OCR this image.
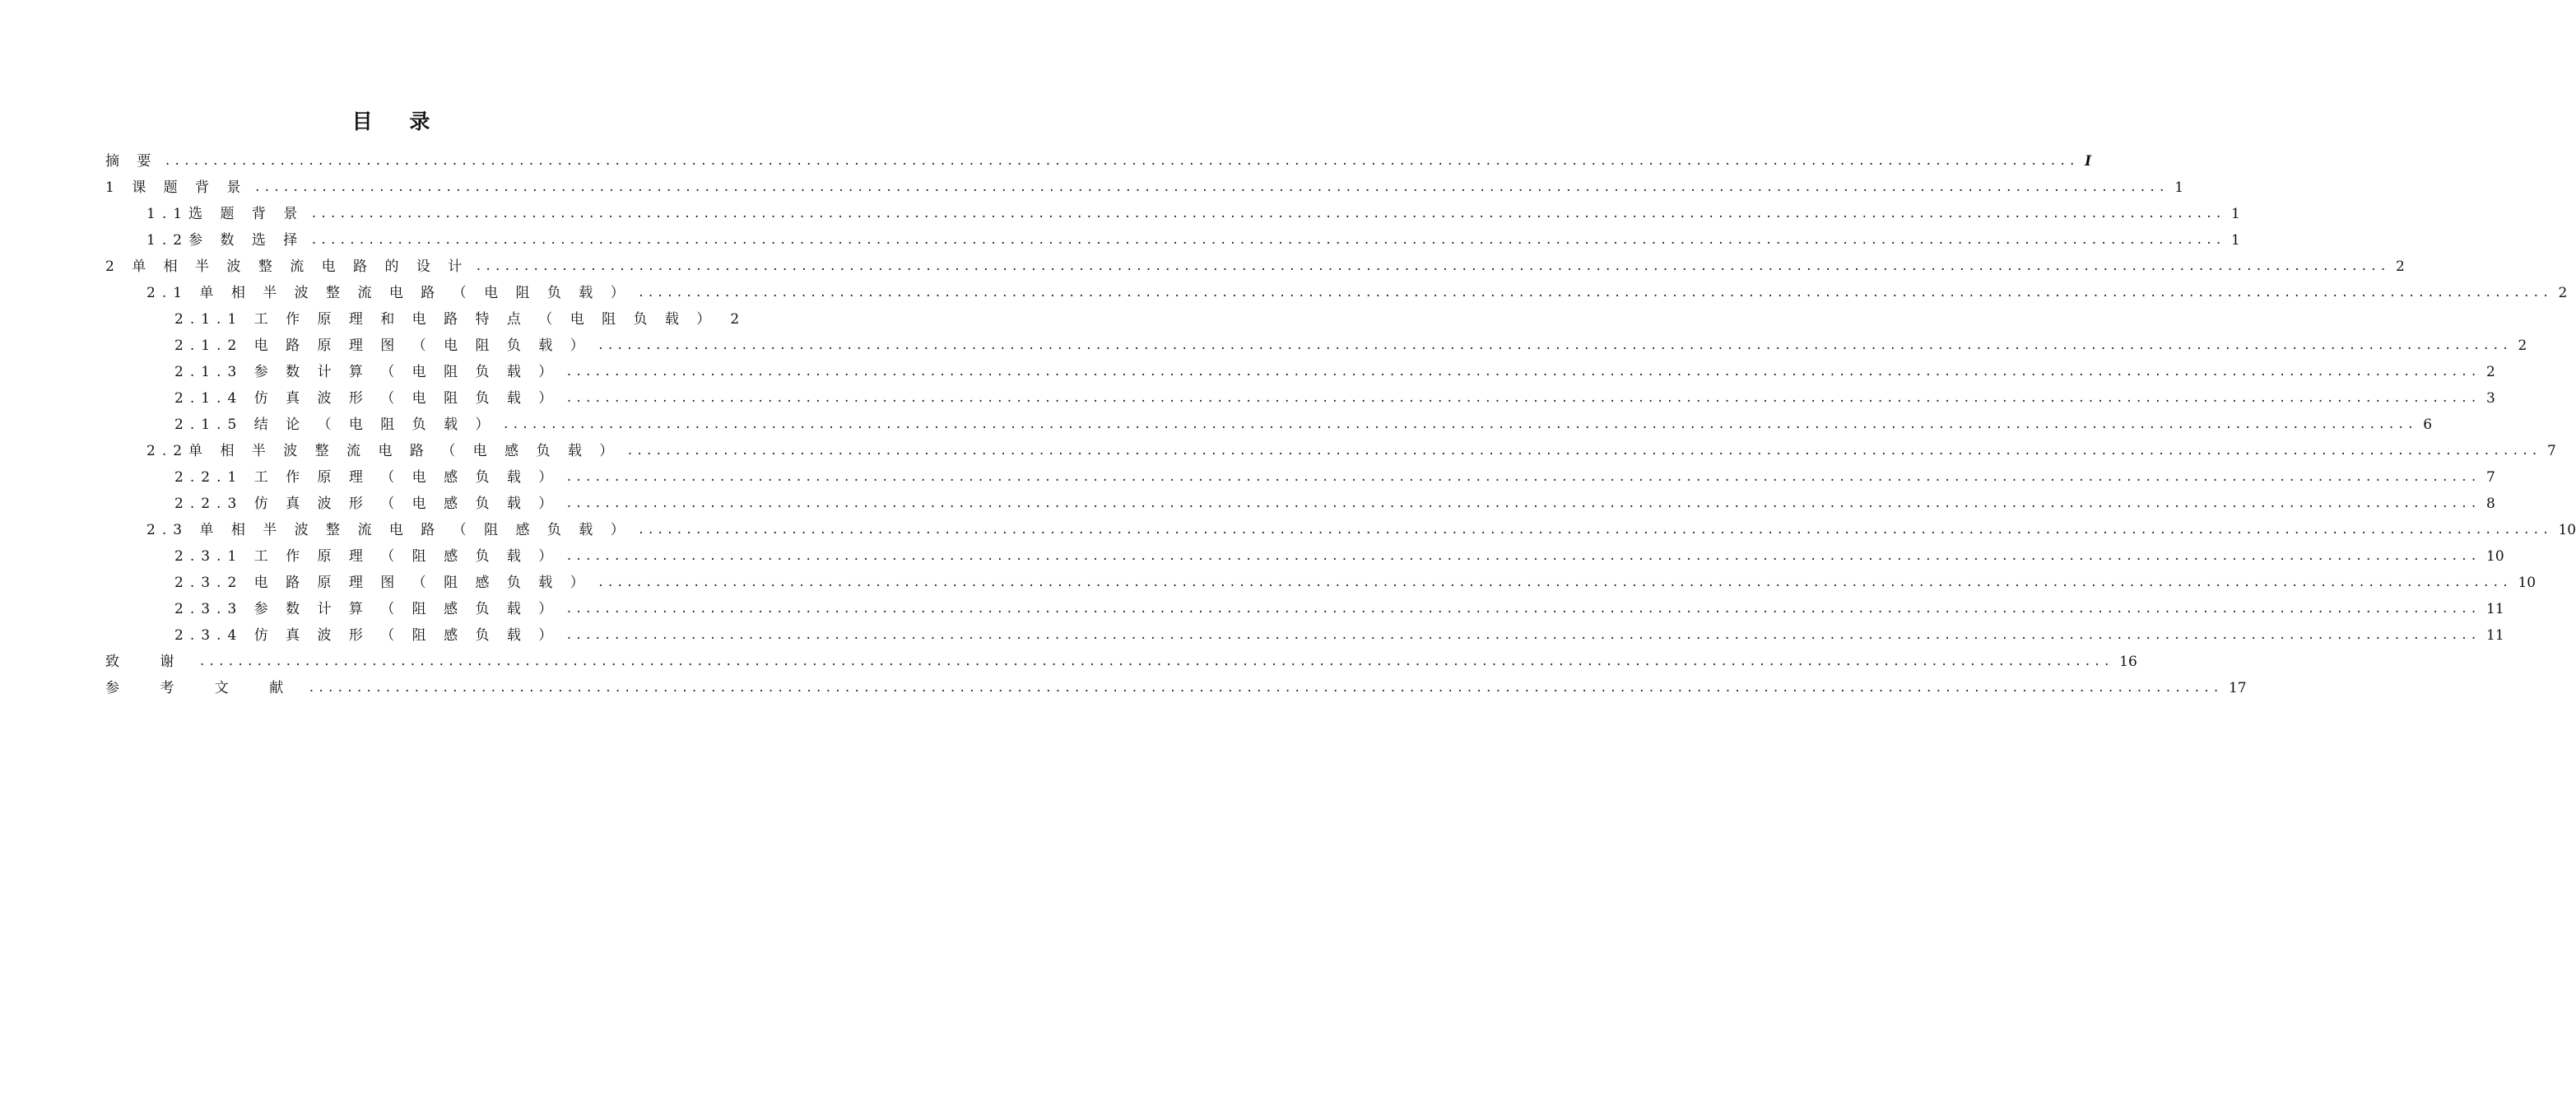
目 录
摘 要 ........................................................................................................................................................................................................ I
1 课 题 背 景 ........................................................................................................................................................................................................ 1
1.1选 题 背 景 ........................................................................................................................................................................................................ 1
1.2参 数 选 择 ........................................................................................................................................................................................................ 1
2 单 相 半 波 整 流 电 路 的 设 计 ........................................................................................................................................................................................................ 2
2.1 单 相 半 波 整 流 电 路 （ 电 阻 负 载 ） ........................................................................................................................................................................................................ 2
2.1.1 工 作 原 理 和 电 路 特 点 （ 电 阻 负 载 ） 2
2.1.2 电 路 原 理 图 （ 电 阻 负 载 ） ........................................................................................................................................................................................................ 2
2.1.3 参 数 计 算 （ 电 阻 负 载 ） ........................................................................................................................................................................................................ 2
2.1.4 仿 真 波 形 （ 电 阻 负 载 ） ........................................................................................................................................................................................................ 3
2.1.5 结 论 （ 电 阻 负 载 ） ........................................................................................................................................................................................................ 6
2.2单 相 半 波 整 流 电 路 （ 电 感 负 载 ） ........................................................................................................................................................................................................ 7
2.2.1 工 作 原 理 （ 电 感 负 载 ） ........................................................................................................................................................................................................ 7
2.2.3 仿 真 波 形 （ 电 感 负 载 ） ........................................................................................................................................................................................................ 8
2.3 单 相 半 波 整 流 电 路 （ 阻 感 负 载 ） ........................................................................................................................................................................................................ 10
2.3.1 工 作 原 理 （ 阻 感 负 载 ） ........................................................................................................................................................................................................ 10
2.3.2 电 路 原 理 图 （ 阻 感 负 载 ） ........................................................................................................................................................................................................ 10
2.3.3 参 数 计 算 （ 阻 感 负 载 ） ........................................................................................................................................................................................................ 11
2.3.4 仿 真 波 形 （ 阻 感 负 载 ） ........................................................................................................................................................................................................ 11
致 谢 ........................................................................................................................................................................................................ 16
参 考 文 献 ........................................................................................................................................................................................................ 17
